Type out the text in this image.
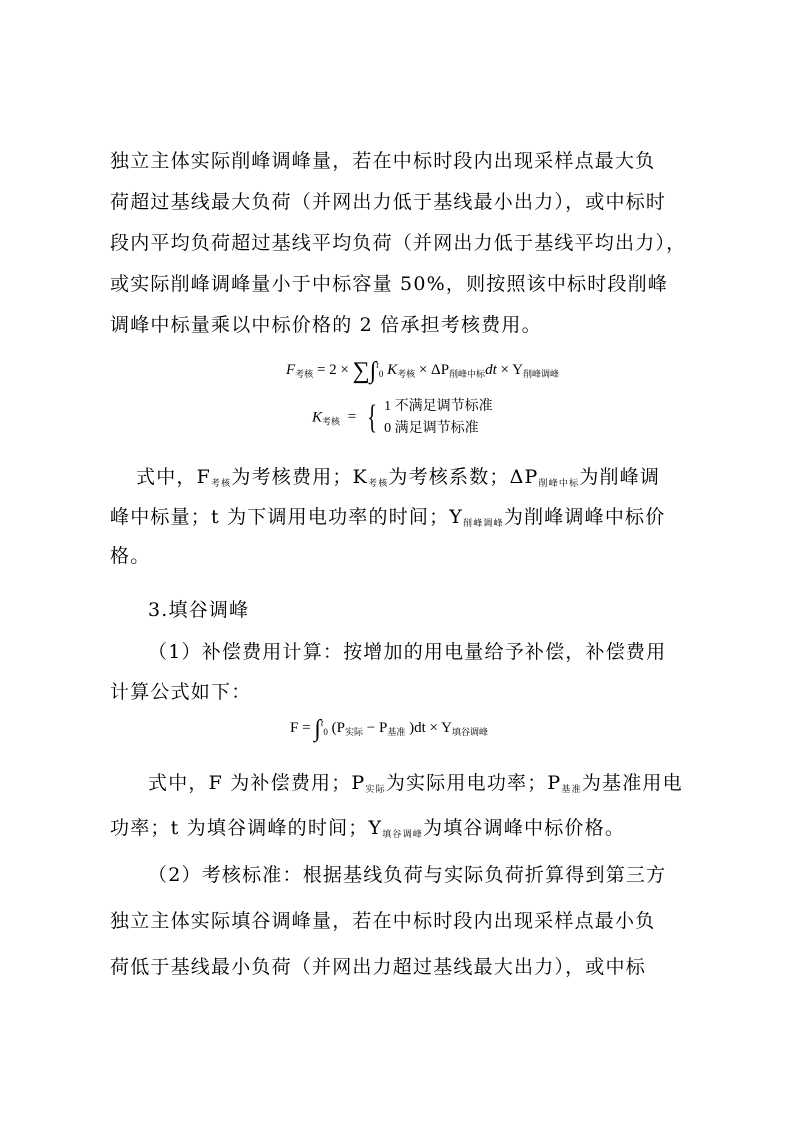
独立主体实际削峰调峰量，若在中标时段内出现采样点最大负
荷超过基线最大负荷（并网出力低于基线最小出力），或中标时
段内平均负荷超过基线平均负荷（并网出力低于基线平均出力），
或实际削峰调峰量小于中标容量 50%，则按照该中标时段削峰
调峰中标量乘以中标价格的 2 倍承担考核费用。
$F_{考核} = 2 \times \sum\int^t_0$ $K_{考核} \times \Delta P_{削峰中标}dt \times Y_{削峰调峰}$
$K_{考核}$ = { 1 不满足调节标准
0 满足调节标准
式中，$F_{考核}$为考核费用；$K_{考核}$为考核系数；$\Delta P_{削峰中标}$为削峰调
峰中标量；t 为下调用电功率的时间；$Y_{削峰调峰}$为削峰调峰中标价
格。
3.填谷调峰
（1）补偿费用计算：按增加的用电量给予补偿，补偿费用
计算公式如下：
F = ∫$^t_0$ ($P_{实际} - P_{基准}$ )$dt \times Y_{填谷调峰}$
式中，F 为补偿费用；$P_{实际}$为实际用电功率；$P_{基准}$为基准用电
功率；t 为填谷调峰的时间；$Y_{填谷调峰}$为填谷调峰中标价格。
（2）考核标准：根据基线负荷与实际负荷折算得到第三方
独立主体实际填谷调峰量，若在中标时段内出现采样点最小负
荷低于基线最小负荷（并网出力超过基线最大出力），或中标
